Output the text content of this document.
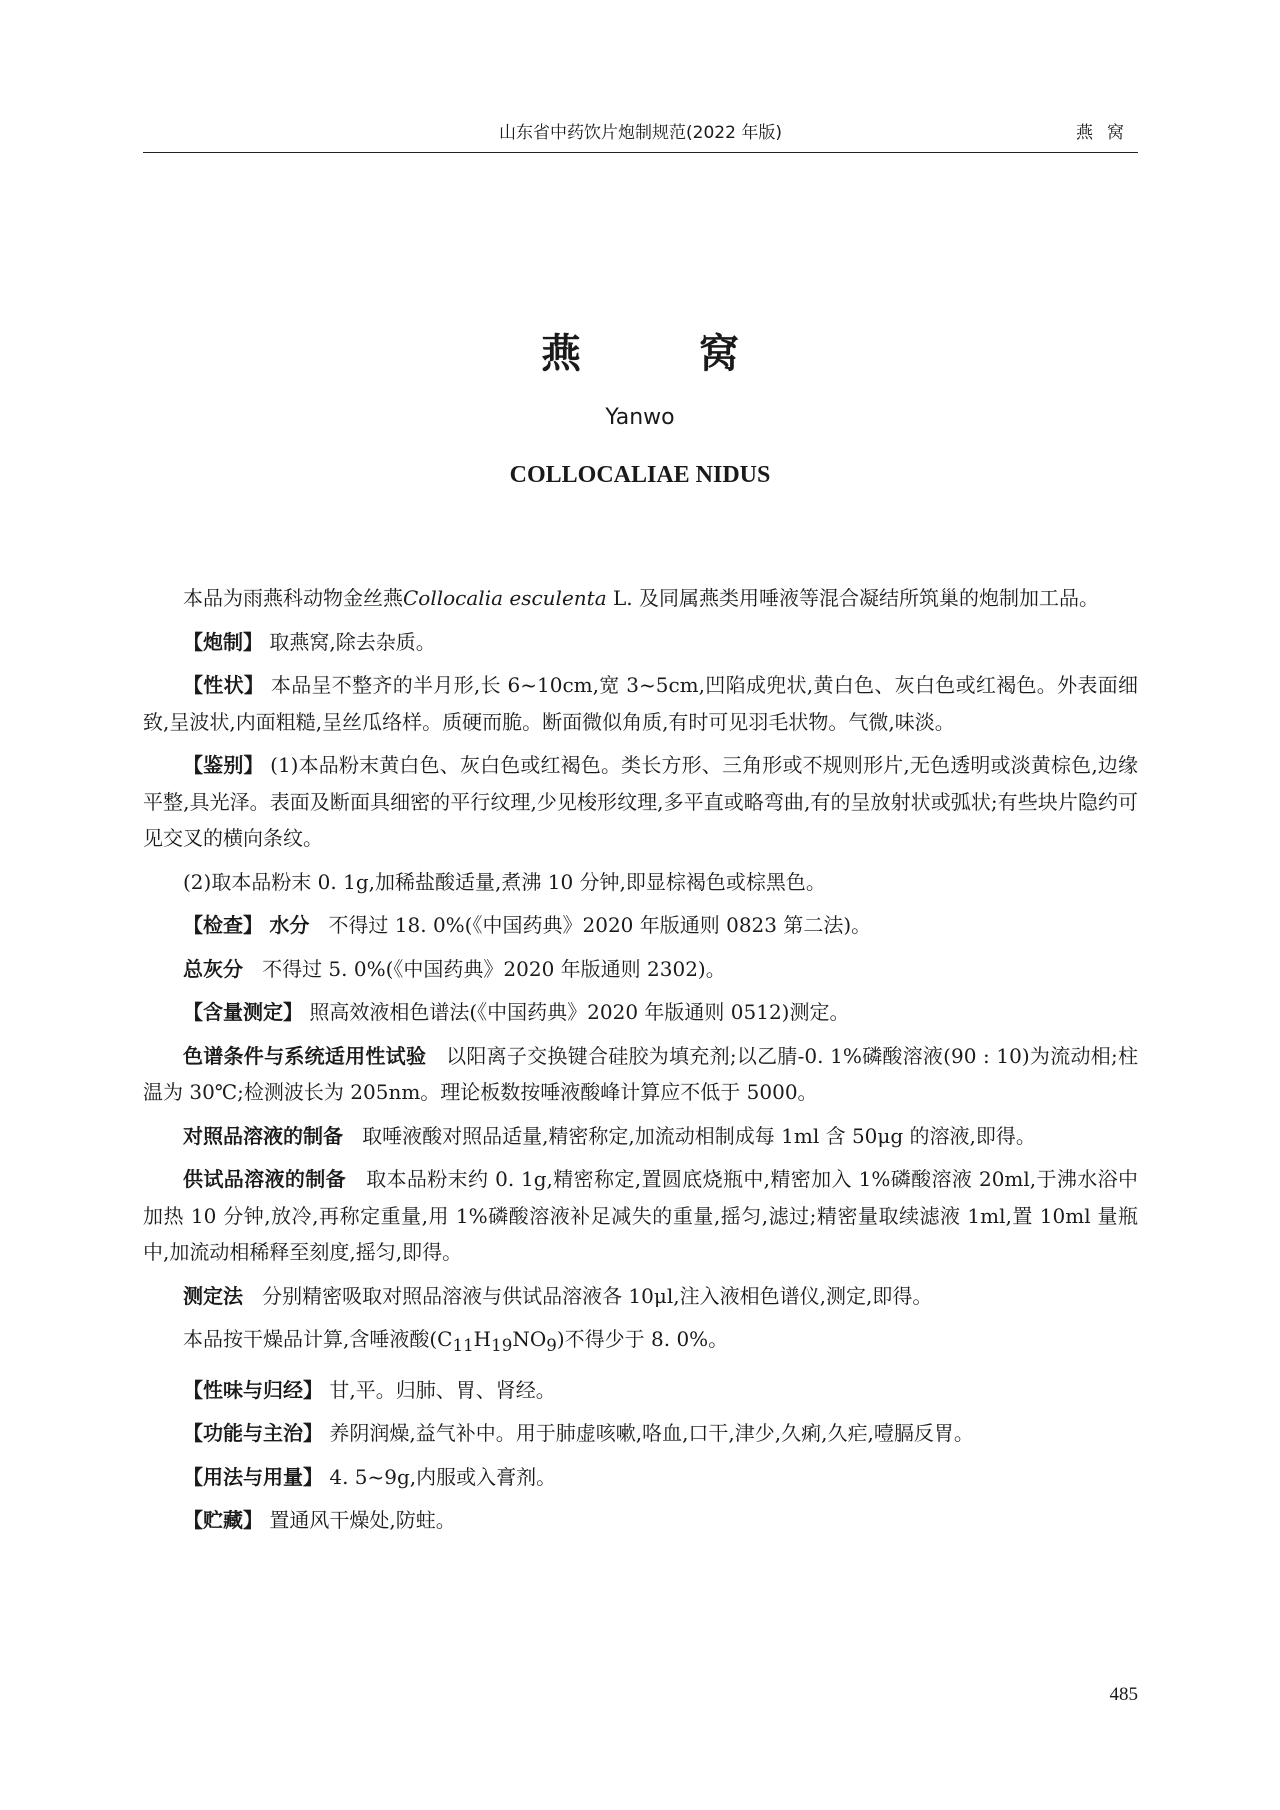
山东省中药饮片炮制规范(2022 年版)	燕窝
燕 窝
Yanwo
COLLOCALIAE NIDUS

本品为雨燕科动物金丝燕Collocalia esculenta L. 及同属燕类用唾液等混合凝结所筑巢的炮制加工品。

【炮制】 取燕窝,除去杂质。

【性状】 本品呈不整齐的半月形,长 6~10cm,宽 3~5cm,凹陷成兜状,黄白色、灰白色或红褐色。外表面细致,呈波状,内面粗糙,呈丝瓜络样。质硬而脆。断面微似角质,有时可见羽毛状物。气微,味淡。

【鉴别】 (1)本品粉末黄白色、灰白色或红褐色。类长方形、三角形或不规则形片,无色透明或淡黄棕色,边缘平整,具光泽。表面及断面具细密的平行纹理,少见梭形纹理,多平直或略弯曲,有的呈放射状或弧状;有些块片隐约可见交叉的横向条纹。

(2)取本品粉末 0. 1g,加稀盐酸适量,煮沸 10 分钟,即显棕褐色或棕黑色。

【检查】 水分 不得过 18. 0%(《中国药典》2020 年版通则 0823 第二法)。

总灰分 不得过 5. 0%(《中国药典》2020 年版通则 2302)。

【含量测定】 照高效液相色谱法(《中国药典》2020 年版通则 0512)测定。

色谱条件与系统适用性试验 以阳离子交换键合硅胶为填充剂;以乙腈-0. 1%磷酸溶液(90 : 10)为流动相;柱温为 30℃;检测波长为 205nm。理论板数按唾液酸峰计算应不低于 5000。

对照品溶液的制备 取唾液酸对照品适量,精密称定,加流动相制成每 1ml 含 50μg 的溶液,即得。

供试品溶液的制备 取本品粉末约 0. 1g,精密称定,置圆底烧瓶中,精密加入 1%磷酸溶液 20ml,于沸水浴中加热 10 分钟,放冷,再称定重量,用 1%磷酸溶液补足减失的重量,摇匀,滤过;精密量取续滤液 1ml,置 10ml 量瓶中,加流动相稀释至刻度,摇匀,即得。

测定法 分别精密吸取对照品溶液与供试品溶液各 10μl,注入液相色谱仪,测定,即得。

本品按干燥品计算,含唾液酸$(C_{11}H_{19}NO_9)$不得少于 8. 0%。

【性味与归经】 甘,平。归肺、胃、肾经。

【功能与主治】 养阴润燥,益气补中。用于肺虚咳嗽,咯血,口干,津少,久痢,久疟,噎膈反胃。

【用法与用量】 4. 5~9g,内服或入膏剂。

【贮藏】 置通风干燥处,防蛀。

485
